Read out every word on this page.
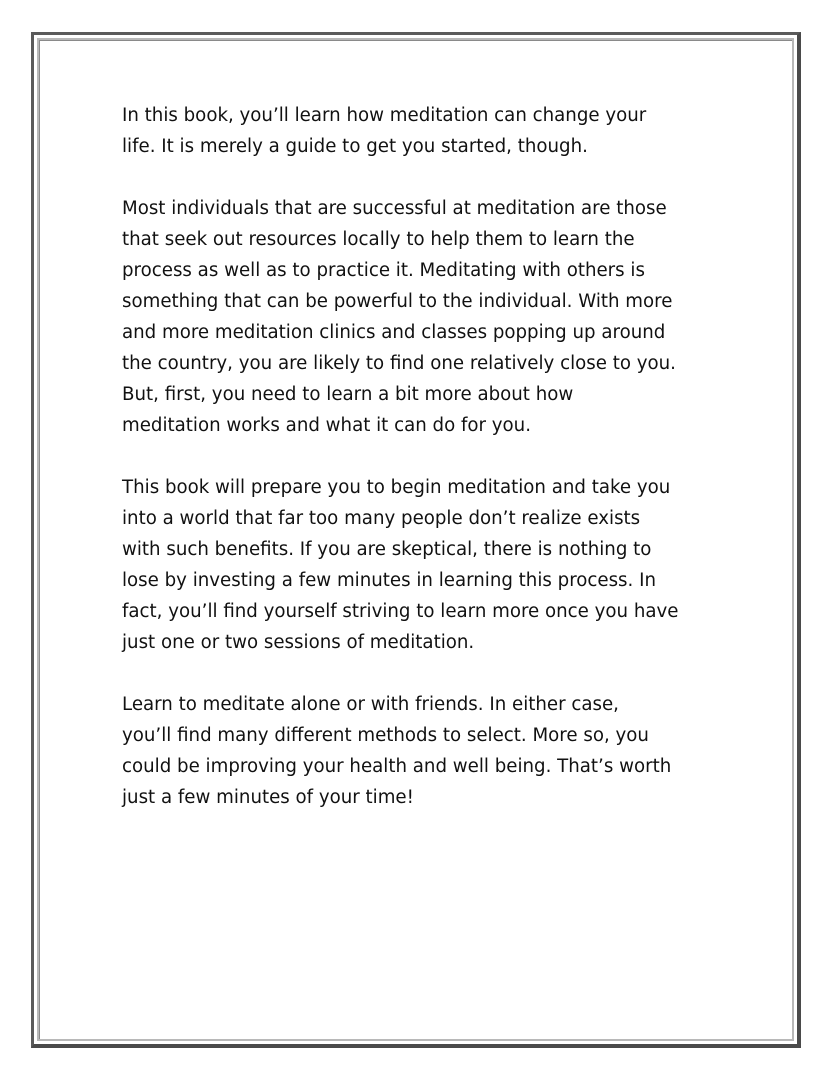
In this book, you’ll learn how meditation can change your
life. It is merely a guide to get you started, though.

Most individuals that are successful at meditation are those
that seek out resources locally to help them to learn the
process as well as to practice it. Meditating with others is
something that can be powerful to the individual. With more
and more meditation clinics and classes popping up around
the country, you are likely to find one relatively close to you.
But, first, you need to learn a bit more about how
meditation works and what it can do for you.

This book will prepare you to begin meditation and take you
into a world that far too many people don’t realize exists
with such benefits. If you are skeptical, there is nothing to
lose by investing a few minutes in learning this process. In
fact, you’ll find yourself striving to learn more once you have
just one or two sessions of meditation.

Learn to meditate alone or with friends. In either case,
you’ll find many different methods to select. More so, you
could be improving your health and well being. That’s worth
just a few minutes of your time!
